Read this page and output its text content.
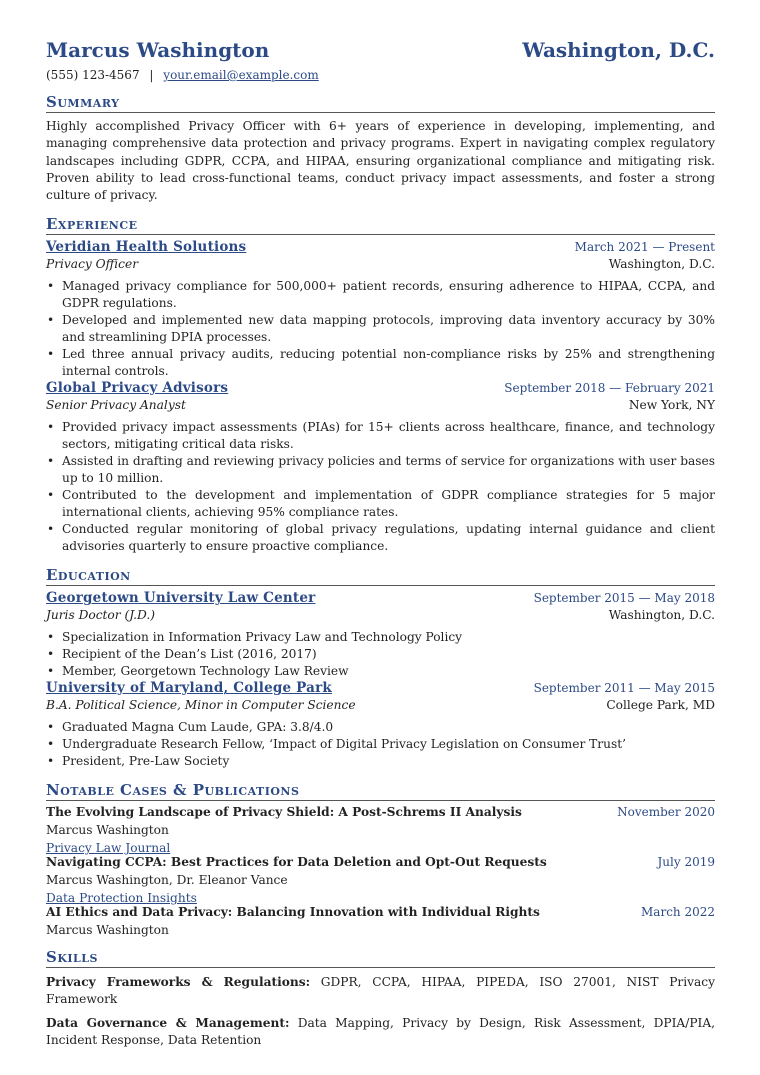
Marcus Washington	Washington, D.C.
(555) 123-4567 | your.email@example.com
Summary
Highly accomplished Privacy Officer with 6+ years of experience in developing, implementing, and managing comprehensive data protection and privacy programs. Expert in navigating complex regulatory landscapes including GDPR, CCPA, and HIPAA, ensuring organizational compliance and mitigating risk. Proven ability to lead cross-functional teams, conduct privacy impact assessments, and foster a strong culture of privacy.
Experience
Veridian Health Solutions	March 2021 — Present
Privacy Officer	Washington, D.C.
• Managed privacy compliance for 500,000+ patient records, ensuring adherence to HIPAA, CCPA, and GDPR regulations.
• Developed and implemented new data mapping protocols, improving data inventory accuracy by 30% and streamlining DPIA processes.
• Led three annual privacy audits, reducing potential non-compliance risks by 25% and strengthening internal controls.
Global Privacy Advisors	September 2018 — February 2021
Senior Privacy Analyst	New York, NY
• Provided privacy impact assessments (PIAs) for 15+ clients across healthcare, finance, and technology sectors, mitigating critical data risks.
• Assisted in drafting and reviewing privacy policies and terms of service for organizations with user bases up to 10 million.
• Contributed to the development and implementation of GDPR compliance strategies for 5 major international clients, achieving 95% compliance rates.
• Conducted regular monitoring of global privacy regulations, updating internal guidance and client advisories quarterly to ensure proactive compliance.
Education
Georgetown University Law Center	September 2015 — May 2018
Juris Doctor (J.D.)	Washington, D.C.
• Specialization in Information Privacy Law and Technology Policy
• Recipient of the Dean’s List (2016, 2017)
• Member, Georgetown Technology Law Review
University of Maryland, College Park	September 2011 — May 2015
B.A. Political Science, Minor in Computer Science	College Park, MD
• Graduated Magna Cum Laude, GPA: 3.8/4.0
• Undergraduate Research Fellow, ‘Impact of Digital Privacy Legislation on Consumer Trust’
• President, Pre-Law Society
Notable Cases & Publications
The Evolving Landscape of Privacy Shield: A Post-Schrems II Analysis	November 2020
Marcus Washington
Privacy Law Journal
Navigating CCPA: Best Practices for Data Deletion and Opt-Out Requests	July 2019
Marcus Washington, Dr. Eleanor Vance
Data Protection Insights
AI Ethics and Data Privacy: Balancing Innovation with Individual Rights	March 2022
Marcus Washington
Skills
Privacy Frameworks & Regulations: GDPR, CCPA, HIPAA, PIPEDA, ISO 27001, NIST Privacy Framework
Data Governance & Management: Data Mapping, Privacy by Design, Risk Assessment, DPIA/PIA, Incident Response, Data Retention
